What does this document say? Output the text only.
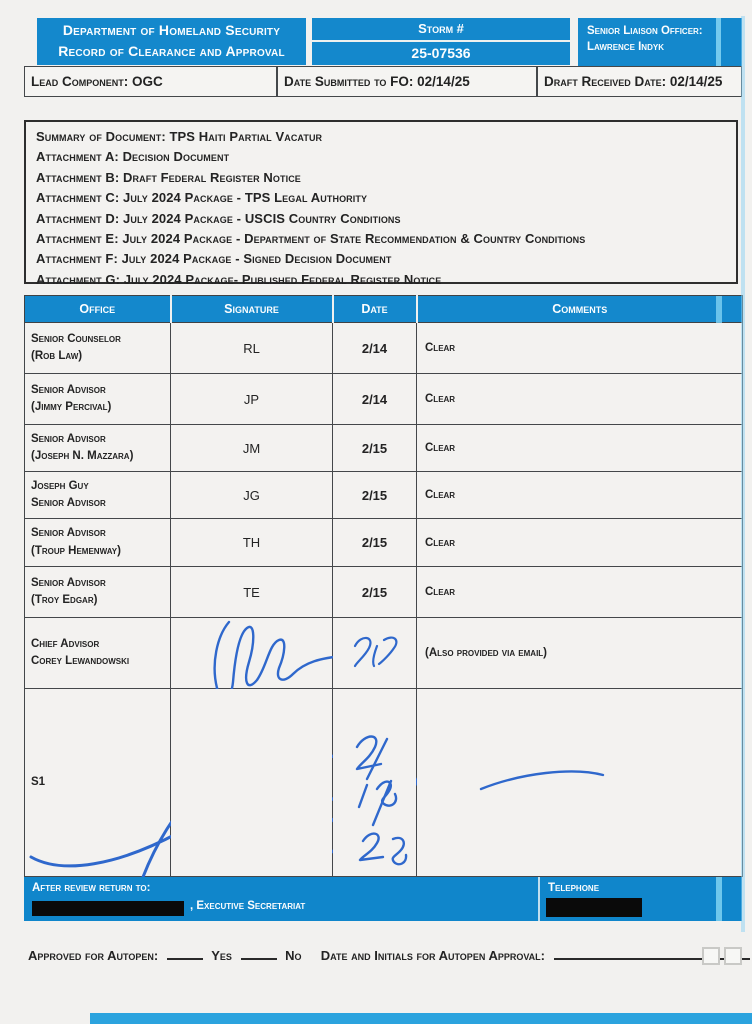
Department of Homeland Security
Record of Clearance and Approval
Storm #
25-07536
Senior Liaison Officer:
Lawrence Indyk
Lead Component: OGC	Date Submitted to FO: 02/14/25	Draft Received Date: 02/14/25
Summary of Document: TPS Haiti Partial Vacatur
Attachment A: Decision Document
Attachment B: Draft Federal Register Notice
Attachment C: July 2024 Package - TPS Legal Authority
Attachment D: July 2024 Package - USCIS Country Conditions
Attachment E: July 2024 Package - Department of State Recommendation & Country Conditions
Attachment F: July 2024 Package - Signed Decision Document
Attachment G: July 2024 Package- Published Federal Register Notice
Office	Signature	Date	Comments
Senior Counselor
(Rob Law)	RL	2/14	Clear
Senior Advisor
(Jimmy Percival)	JP	2/14	Clear
Senior Advisor
(Joseph N. Mazzara)	JM	2/15	Clear
Joseph Guy
Senior Advisor	JG	2/15	Clear
Senior Advisor
(Troup Hemenway)	TH	2/15	Clear
Senior Advisor
(Troy Edgar)	TE	2/15	Clear
Chief Advisor
Corey Lewandowski			(Also provided via email)
S1

After review return to:
, Executive Secretariat
Telephone
Approved for Autopen:	Yes	No Date and Initials for Autopen Approval:
